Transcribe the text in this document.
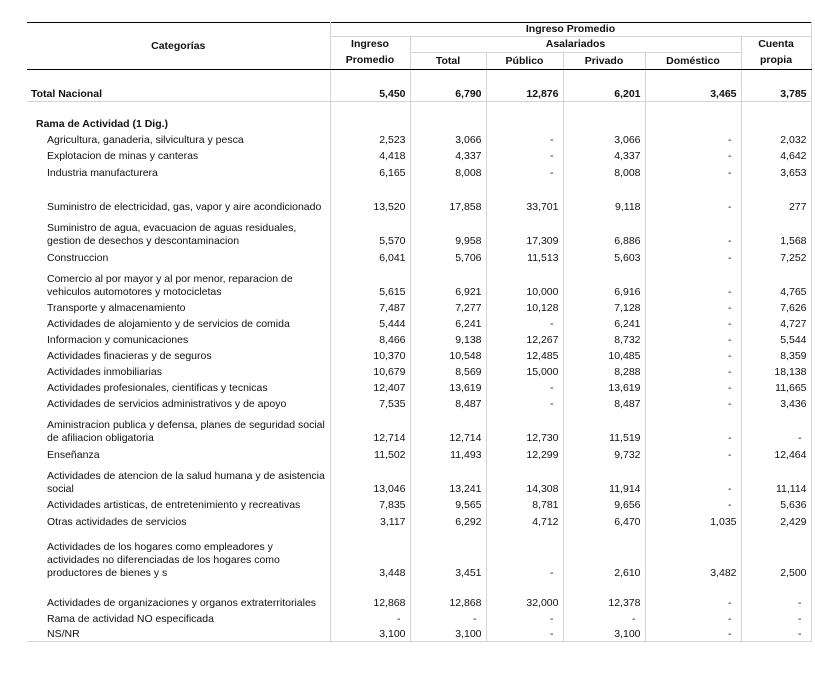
Categorías	Ingreso Promedio					
	Ingreso	Asalariados				Cuenta
	Promedio	Total	Público	Privado	Doméstico	propia

Total Nacional	5,450	6,790	12,876	6,201	3,465	3,785

Rama de Actividad (1 Dig.)						
Agricultura, ganaderia, silvicultura y pesca	2,523	3,066	-	3,066	-	2,032
Explotacion de minas y canteras	4,418	4,337	-	4,337	-	4,642
Industria manufacturera	6,165	8,008	-	8,008	-	3,653
Suministro de electricidad, gas, vapor y aire acondicionado	13,520	17,858	33,701	9,118	-	277
Suministro de agua, evacuacion de aguas residuales, gestion de desechos y descontaminacion	5,570	9,958	17,309	6,886	-	1,568
Construccion	6,041	5,706	11,513	5,603	-	7,252
Comercio al por mayor y al por menor, reparacion de vehiculos automotores y motocicletas	5,615	6,921	10,000	6,916	-	4,765
Transporte y almacenamiento	7,487	7,277	10,128	7,128	-	7,626
Actividades de alojamiento y de servicios de comida	5,444	6,241	-	6,241	-	4,727
Informacion y comunicaciones	8,466	9,138	12,267	8,732	-	5,544
Actividades finacieras y de seguros	10,370	10,548	12,485	10,485	-	8,359
Actividades inmobiliarias	10,679	8,569	15,000	8,288	-	18,138
Actividades profesionales, cientificas y tecnicas	12,407	13,619	-	13,619	-	11,665
Actividades de servicios administrativos y de apoyo	7,535	8,487	-	8,487	-	3,436
Aministracion publica y defensa, planes de seguridad social de afiliacion obligatoria	12,714	12,714	12,730	11,519	-	-
Enseñanza	11,502	11,493	12,299	9,732	-	12,464
Actividades de atencion de la salud humana y de asistencia social	13,046	13,241	14,308	11,914	-	11,114
Actividades artisticas, de entretenimiento y recreativas	7,835	9,565	8,781	9,656	-	5,636
Otras actividades de servicios	3,117	6,292	4,712	6,470	1,035	2,429
Actividades de los hogares como empleadores y actividades no diferenciadas de los hogares como productores de bienes y s	3,448	3,451	-	2,610	3,482	2,500
Actividades de organizaciones y organos extraterritoriales	12,868	12,868	32,000	12,378	-	-
Rama de actividad NO especificada	-	-	-	-	-	-
NS/NR	3,100	3,100	-	3,100	-	-
